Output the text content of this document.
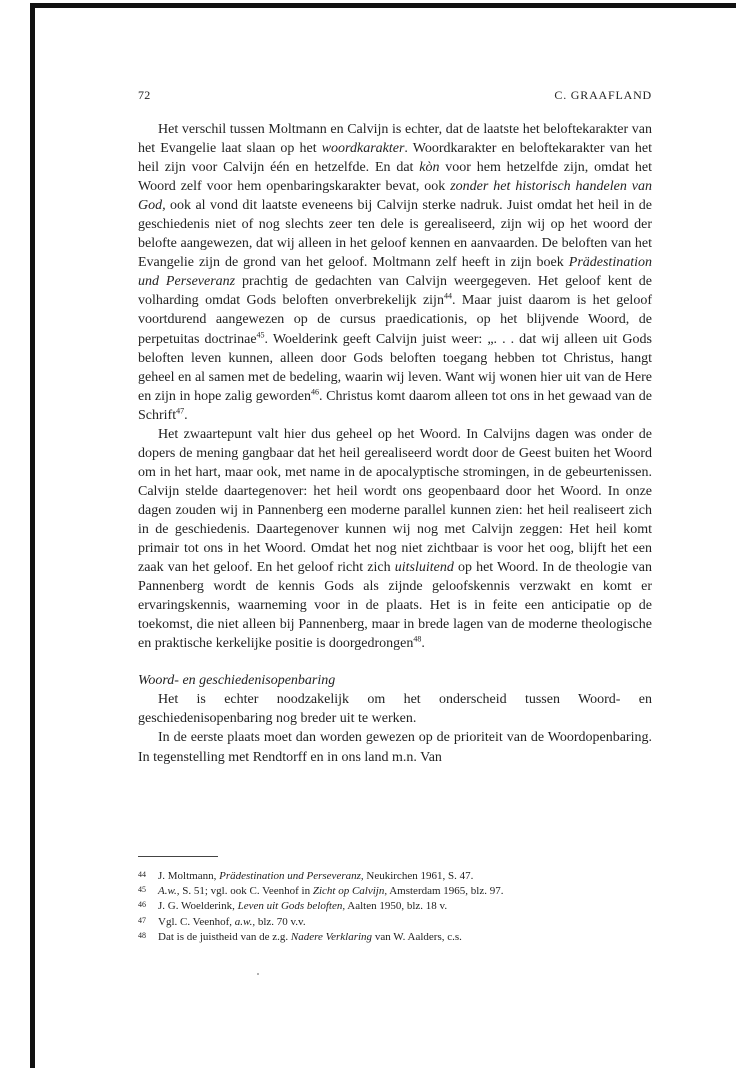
72	C. GRAAFLAND

Het verschil tussen Moltmann en Calvijn is echter, dat de laatste het beloftekarakter van het Evangelie laat slaan op het woordkarakter. Woordkarakter en beloftekarakter van het heil zijn voor Calvijn één en hetzelfde. En dat kòn voor hem hetzelfde zijn, omdat het Woord zelf voor hem openbaringskarakter bevat, ook zonder het historisch handelen van God, ook al vond dit laatste eveneens bij Calvijn sterke nadruk. Juist omdat het heil in de geschiedenis niet of nog slechts zeer ten dele is gerealiseerd, zijn wij op het woord der belofte aangewezen, dat wij alleen in het geloof kennen en aanvaarden. De beloften van het Evangelie zijn de grond van het geloof. Moltmann zelf heeft in zijn boek Prädestination und Perseveranz prachtig de gedachten van Calvijn weergegeven. Het geloof kent de volharding omdat Gods beloften onverbrekelijk zijn$^{44}$. Maar juist daarom is het geloof voortdurend aangewezen op de cursus praedicationis, op het blijvende Woord, de perpetuitas doctrinae$^{45}$. Woelderink geeft Calvijn juist weer: „. . . dat wij alleen uit Gods beloften leven kunnen, alleen door Gods beloften toegang hebben tot Christus, hangt geheel en al samen met de bedeling, waarin wij leven. Want wij wonen hier uit van de Here en zijn in hope zalig geworden$^{46}$. Christus komt daarom alleen tot ons in het gewaad van de Schrift$^{47}$.

Het zwaartepunt valt hier dus geheel op het Woord. In Calvijns dagen was onder de dopers de mening gangbaar dat het heil gerealiseerd wordt door de Geest buiten het Woord om in het hart, maar ook, met name in de apocalyptische stromingen, in de gebeurtenissen. Calvijn stelde daartegenover: het heil wordt ons geopenbaard door het Woord. In onze dagen zouden wij in Pannenberg een moderne parallel kunnen zien: het heil realiseert zich in de geschiedenis. Daartegenover kunnen wij nog met Calvijn zeggen: Het heil komt primair tot ons in het Woord. Omdat het nog niet zichtbaar is voor het oog, blijft het een zaak van het geloof. En het geloof richt zich uitsluitend op het Woord. In de theologie van Pannenberg wordt de kennis Gods als zijnde geloofskennis verzwakt en komt er ervaringskennis, waarneming voor in de plaats. Het is in feite een anticipatie op de toekomst, die niet alleen bij Pannenberg, maar in brede lagen van de moderne theologische en praktische kerkelijke positie is doorgedrongen$^{48}$.

Woord- en geschiedenisopenbaring

Het is echter noodzakelijk om het onderscheid tussen Woord- en geschiedenisopenbaring nog breder uit te werken.

In de eerste plaats moet dan worden gewezen op de prioriteit van de Woordopenbaring. In tegenstelling met Rendtorff en in ons land m.n. Van

44 J. Moltmann, Prädestination und Perseveranz, Neukirchen 1961, S. 47.
45 A.w., S. 51; vgl. ook C. Veenhof in Zicht op Calvijn, Amsterdam 1965, blz. 97.
46 J. G. Woelderink, Leven uit Gods beloften, Aalten 1950, blz. 18 v.
47 Vgl. C. Veenhof, a.w., blz. 70 v.v.
48 Dat is de juistheid van de z.g. Nadere Verklaring van W. Aalders, c.s.
